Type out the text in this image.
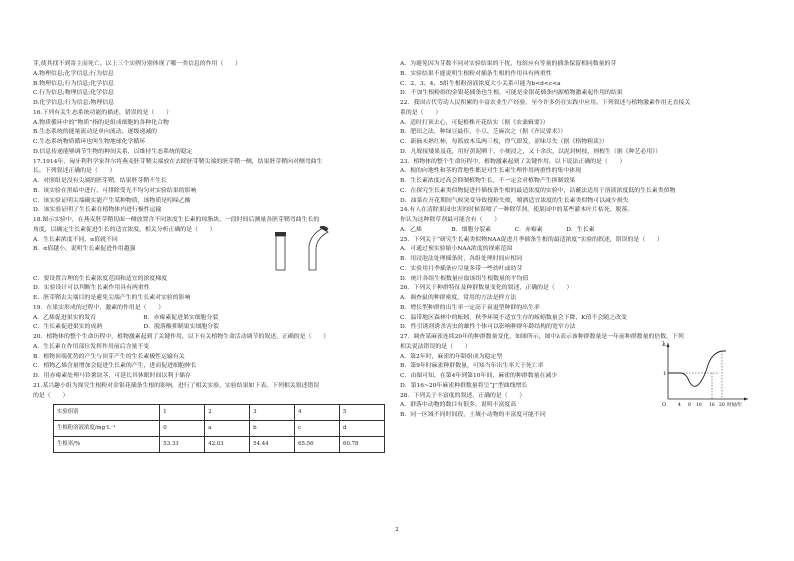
芽,使其找不到寄主而死亡。以上三个实例分别体现了哪一类信息的作用（　　）
A.物理信息;化学信息;行为信息
B.物理信息;行为信息;化学信息
C.行为信息;物理信息;化学信息
D.化学信息;行为信息;物理信息
16.下列有关生态系统功能的描述，错误的是（　　）
A.物质循环中的“物质”指的是组成细胞的各种化合物
B.生态系统的能量流动是单向流动、逐级递减的
C.生态系统物质循环也叫生物地球化学循环
D.信息传递能够调节生物的种间关系，以维持生态系统的稳定
17.1914年，匈牙利科学家拜尔将燕麦胚芽鞘尖端放在去除胚芽鞘尖端的胚芽鞘一侧，结果胚芽鞘向对侧弯曲生
长。下列叙述正确的是（　　）
A．对照组是没有尖端的胚芽鞘，结果胚芽鞘不生长
B．该实验在黑暗中进行，可排除受光不均匀对实验结果的影响
C．该实验证明尖端确实能产生某种物质，该物质是吲哚乙酸
D．该实验证明了生长素在植物体内进行极性运输
18.图示实验中，在燕麦胚芽鞘切面一侧放置含不同浓度生长素的琼脂块，一段时间后测量各胚芽鞘弯曲生长的
角度，以确定生长素促进生长的适宜浓度。相关分析正确的是（　　）
A．生长素浓度不同，α值就不同
B．α值越小，说明生长素促进作用越强
C．要设置合理的生长素浓度范围和适宜的浓度梯度
D．实验设计可以判断生长素作用具有两重性
E．胚芽鞘去尖端目的是避免尖端产生的生长素对实验的影响
19．在果实形成的过程中，激素的作用是（　　）
A．乙烯促进果实的发育　　　　　　　　B．赤霉素促进果实细胞分裂
C．生长素促进果实的成熟　　　　　　　D．脱落酸抑制果实细胞分裂
20．植物体的整个生命历程中，植物激素起到了关键作用，以下有关植物生命活动调节的叙述，正确的是（　　）
A．生长素在作用部位发挥作用前后含量不变
B．植物顶端优势的产生与顶芽产生的生长素极性运输有关
C．植物乙烯含量增加会促进生长素的产生，进而促进细胞伸长
D．用赤霉素处理马铃薯块茎，可延长其休眠时间以利于储存
21.某兴趣小组为探究生根粉对金银花插条生根的影响，进行了相关实验，实验结果如下表。下列相关叙述错误
的是（　　）
实验组别	1	2	3	4	5
生根粉溶液浓度/mg·L⁻¹	0	a	b	c	d
生根率/%	53.33	42.03	54.44	65.56	60.78
A．为避免因为芽数不同对实验结果的干扰，每组应有等量的插条保留相同数量的芽
B．实验结果不能说明生根粉对插条生根的作用具有两重性
C．2、3、4、5组生根粉溶液浓度大小关系可能为b<d<c<a
D．不加生根粉组的金银花插条也生根，可能是金银花插条内源植物激素起作用的结果
22．我国古代劳动人民积累的丰富农业生产经验，至今许多仍在实践中应用。下列叙述与植物激素作用无直接关
系的是（　　）
A．适时打顶去心，可促植株开花结实（据《农桑辑要》）
B．肥田之法，种绿豆最佳，小豆、芝麻次之（据《齐民要术》）
C．新摘未熟红柿，每篮放木瓜两三枚，得气即发，涩味尽失（据《格物粗谈》）
D．凡嫁接矮果及花，用好黄泥晒干，小便浸之，又十余次，以泥封树枝，则根生（据《种艺必用》）
23．植物体的整个生命历程中，植物激素起到了关键作用，以下说法正确的是（　　）
A．根的向地性和茎的背地性都是对生长素生理作用两重性的集中体现
B．生长素浓度过高会抑制植物生长，不一定会对植物产生抑制效果
C．在探究生长素类似物促进扦插枝条生根的最适浓度的实验中，沾蘸法适用于溶液浓度低的生长素类似物
D．油菜在开花期间气候突变导致授粉失败，喷洒适宜浓度的生长素类似物可以减少损失
24.有人在清除果园虫害的时候误喷了一种除草剂，使果园中的某些灌木叶片枯死、脱落。
你认为这种除草剂最可能含有（　　）
A．乙烯　　　　　B．细胞分裂素　　　　C．赤霉素　　　　D．生长素
25．下列关于“研究生长素类似物NAA促进月季插条生根的最适浓度”实验的叙述，错误的是（　　）
A．可通过预实验缩小NAA浓度的探索范围
B．用浸泡法处理插条时，各组处理时间应相同
C．实验用月季插条应尽量多带一些幼叶或幼芽
D．统计各组生根数量应取该组生根数量的平均值
26．下列关于种群特征及种群数量变化的叙述，正确的是（　　）
A．调查鼠的种群密度，常用的方法是样方法
B．增长型种群的出生率一定高于衰退型种群的出生率
C．温带地区森林中的蚯蚓，秋季环境不适宜生存的蚯蚓数量会下降，K值不会随之改变
D．性引诱剂诱杀害虫的雄性个体可以影响种群年龄结构的宽窄方法
27．调查某麻雀连续20年的种群数量变化，如图所示，图中λ表示该种群数量是一年前种群数量的倍数，下列
相关说法错误的是（　　）
A．第2年时，麻雀的年龄组成为稳定型
B．第9年时麻雀种群数量，可知当年出生率大于死亡率
C．由图可知，在第4年到第10年间，麻雀的种群数量在减少
D．第16~20年麻雀种群数量将呈“J”型曲线增长
28．下列关于丰富度的叙述，正确的是（　　）
A．群落中动物的数目有很多，说明丰富度高
B．同一区域不同时间段，土壤小动物的丰富度可能不同
λ
1
O	4 8 10 16 20 时间/年
2
